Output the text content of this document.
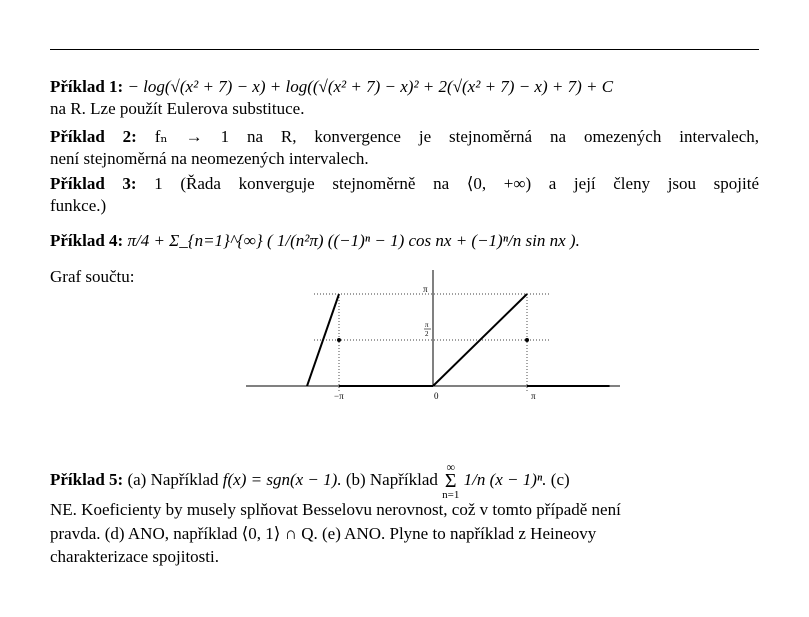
Příklad 1: − log(√(x² + 7) − x) + log((√(x² + 7) − x)² + 2(√(x² + 7) − x) + 7) + C
na R. Lze použít Eulerova substituce.
Příklad 2: fₙ → 1 na R, konvergence je stejnoměrná na omezených intervalech,
není stejnoměrná na neomezených intervalech.
Příklad 3: 1 (Řada konverguje stejnoměrně na ⟨0, +∞) a její členy jsou spojité
funkce.)
Příklad 4: π/4 + Σ_{n=1}^{∞} ( 1/(n²π) ((−1)ⁿ − 1) cos nx + (−1)ⁿ/n sin nx ).
Graf součtu:
−π	0	π
π
π
2
Příklad 5: (a) Například f(x) = sgn(x − 1). (b) Například
∞
Σ
n=1
1/n (x − 1)ⁿ. (c)
NE. Koeficienty by musely splňovat Besselovu nerovnost, což v tomto případě není
pravda. (d) ANO, například ⟨0, 1⟩ ∩ Q. (e) ANO. Plyne to například z Heineovy
charakterizace spojitosti.
